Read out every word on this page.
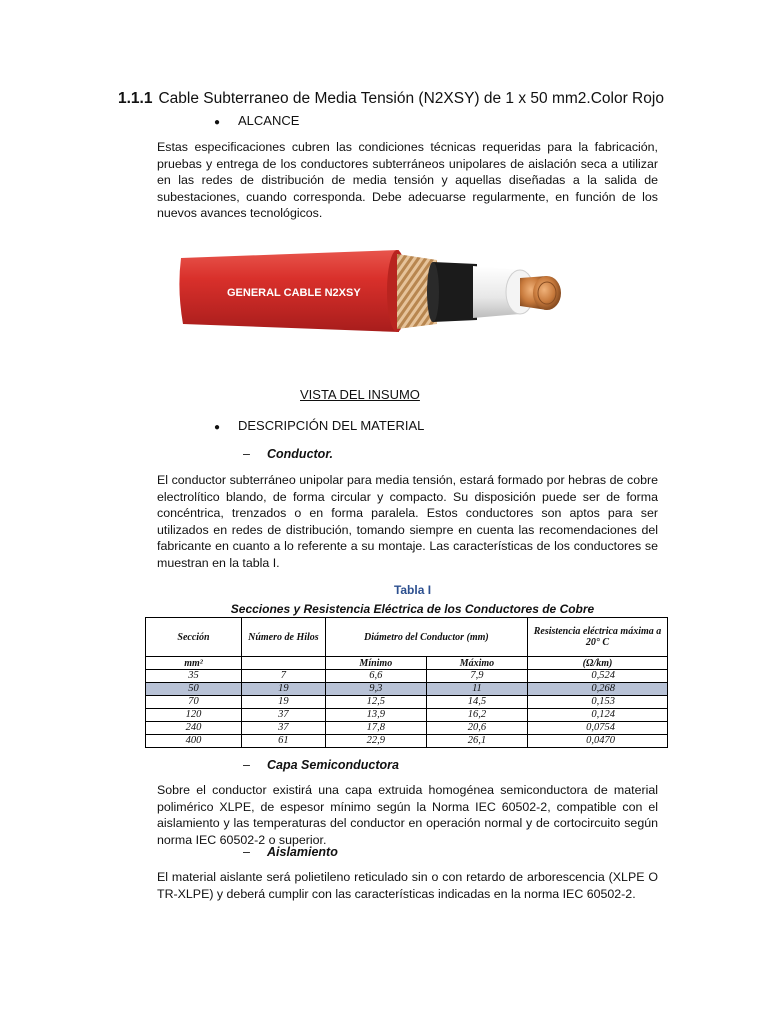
1.1.1 Cable Subterraneo de Media Tensión (N2XSY) de 1 x 50 mm2.Color Rojo
● ALCANCE
Estas especificaciones cubren las condiciones técnicas requeridas para la fabricación, pruebas y entrega de los conductores subterráneos unipolares de aislación seca a utilizar en las redes de distribución de media tensión y aquellas diseñadas a la salida de subestaciones, cuando corresponda. Debe adecuarse regularmente, en función de los nuevos avances tecnológicos.
GENERAL CABLE N2XSY
VISTA DEL INSUMO
● DESCRIPCIÓN DEL MATERIAL
– Conductor.
El conductor subterráneo unipolar para media tensión, estará formado por hebras de cobre electrolítico blando, de forma circular y compacto. Su disposición puede ser de forma concéntrica, trenzados o en forma paralela. Estos conductores son aptos para ser utilizados en redes de distribución, tomando siempre en cuenta las recomendaciones del fabricante en cuanto a lo referente a su montaje. Las características de los conductores se muestran en la tabla I.
Tabla I
Secciones y Resistencia Eléctrica de los Conductores de Cobre
Sección	Número de Hilos	Diámetro del Conductor (mm)		Resistencia eléctrica máxima a 20° C
mm²		Mínimo	Máximo	(Ω/km)
35	7	6,6	7,9	0,524
50	19	9,3	11	0,268
70	19	12,5	14,5	0,153
120	37	13,9	16,2	0,124
240	37	17,8	20,6	0,0754
400	61	22,9	26,1	0,0470
– Capa Semiconductora
Sobre el conductor existirá una capa extruida homogénea semiconductora de material polimérico XLPE, de espesor mínimo según la Norma IEC 60502-2, compatible con el aislamiento y las temperaturas del conductor en operación normal y de cortocircuito según norma IEC 60502-2 o superior.
– Aislamiento
El material aislante será polietileno reticulado sin o con retardo de arborescencia (XLPE O TR-XLPE) y deberá cumplir con las características indicadas en la norma IEC 60502-2.
